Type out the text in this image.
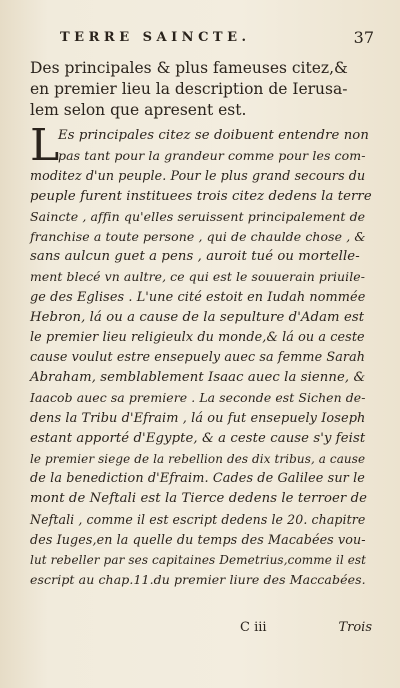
TERRE SAINCTE.	37
Des principales & plus fameuses citez,&
en premier lieu la description de Ierusa-
lem selon que apresent est.
L
Es principales citez se doibuent entendre non
pas tant pour la grandeur comme pour les com-
moditez d'un peuple. Pour le plus grand secours du
peuple furent instituees trois citez dedens la terre
Saincte , affin qu'elles seruissent principalement de
franchise a toute persone , qui de chaulde chose , &
sans aulcun guet a pens , auroit tué ou mortelle-
ment blecé vn aultre, ce qui est le souuerain priuile-
ge des Eglises . L'une cité estoit en Iudah nommée
Hebron, lá ou a cause de la sepulture d'Adam est
le premier lieu religieulx du monde,& lá ou a ceste
cause voulut estre ensepuely auec sa femme Sarah
Abraham, semblablement Isaac auec la sienne, &
Iaacob auec sa premiere . La seconde est Sichen de-
dens la Tribu d'Efraim , lá ou fut ensepuely Ioseph
estant apporté d'Egypte, & a ceste cause s'y feist
le premier siege de la rebellion des dix tribus, a cause
de la benediction d'Efraim. Cades de Galilee sur le
mont de Neftali est la Tierce dedens le terroer de
Neftali , comme il est escript dedens le 20. chapitre
des Iuges,en la quelle du temps des Macabées vou-
lut rebeller par ses capitaines Demetrius,comme il est
escript au chap.11.du premier liure des Maccabées.
C iii	Trois
